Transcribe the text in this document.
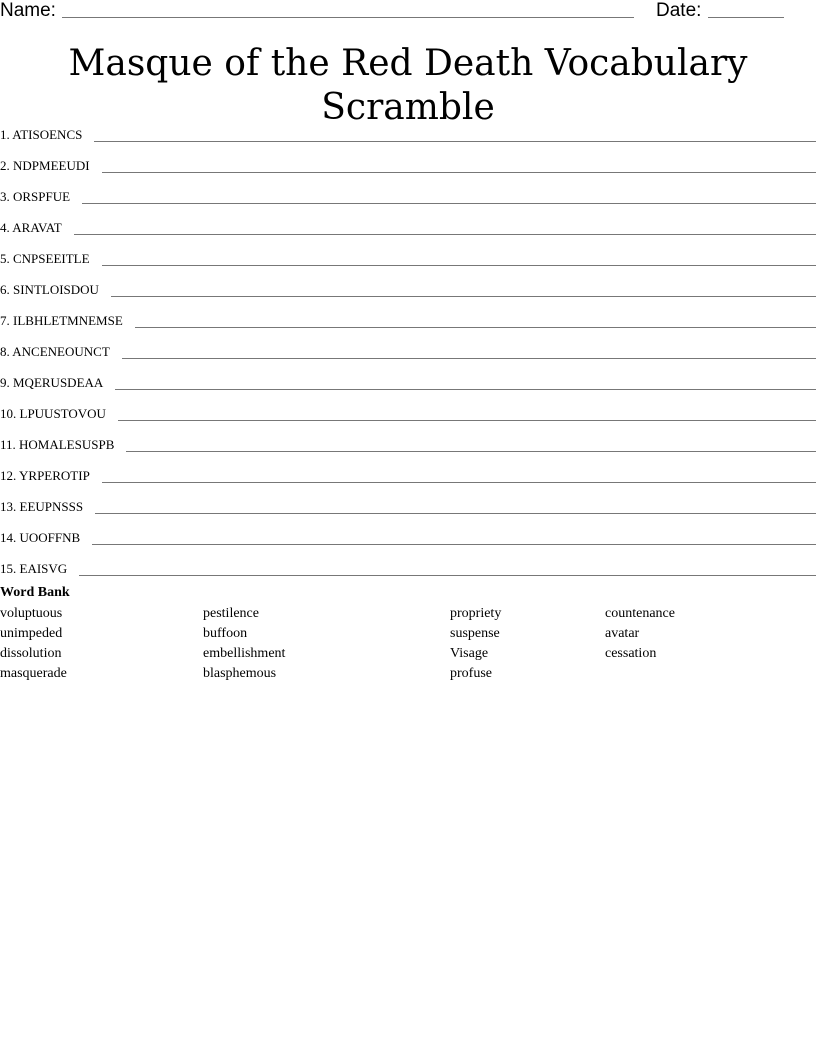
Name:	Date:
Masque of the Red Death Vocabulary Scramble
1. ATISOENCS
2. NDPMEEUDI
3. ORSPFUE
4. ARAVAT
5. CNPSEEITLE
6. SINTLOISDOU
7. ILBHLETMNEMSE
8. ANCENEOUNCT
9. MQERUSDEAA
10. LPUUSTOVOU
11. HOMALESUSPB
12. YRPEROTIP
13. EEUPNSSS
14. UOOFFNB
15. EAISVG
Word Bank
voluptuous
unimpeded
dissolution
masquerade
pestilence
buffoon
embellishment
blasphemous
propriety
suspense
Visage
profuse
countenance
avatar
cessation
